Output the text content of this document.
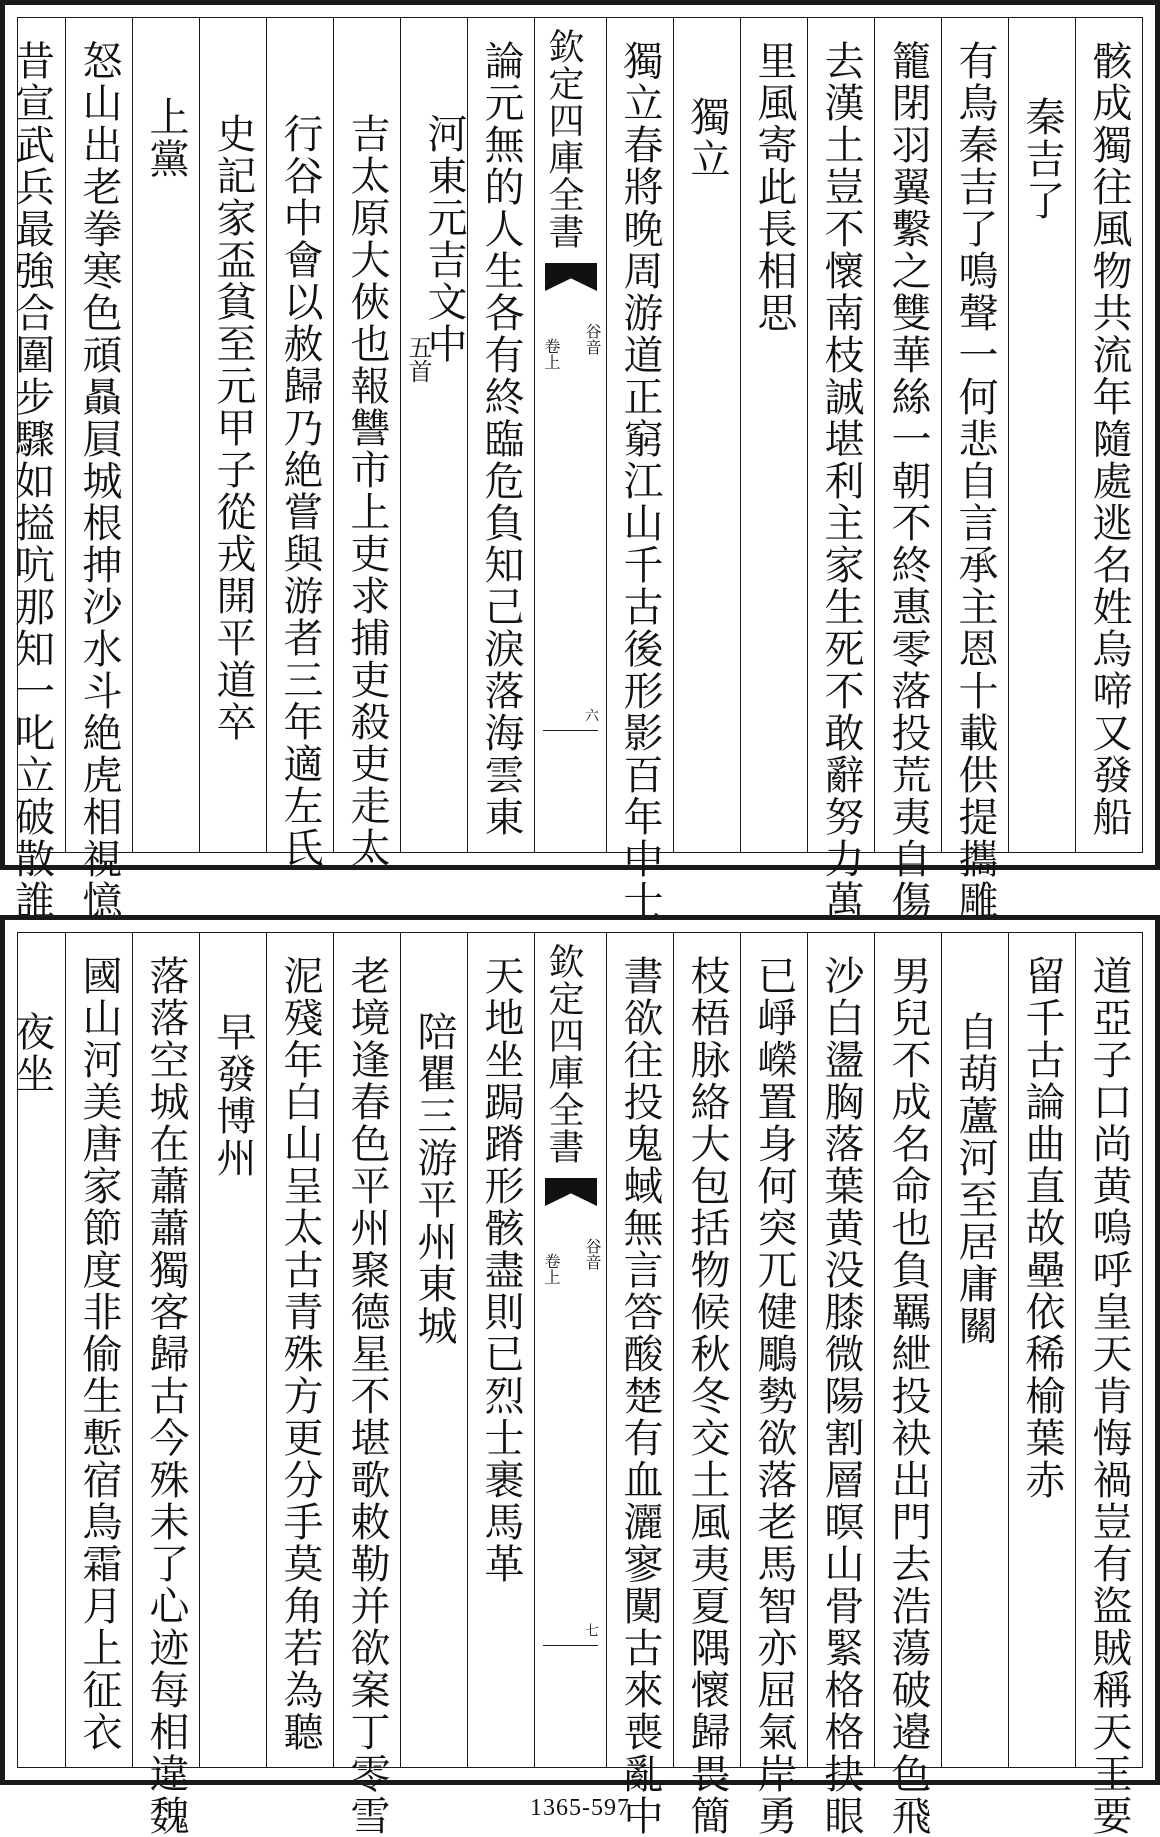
骸成獨往風物共流年隨處逃名姓烏啼又發船
秦吉了
有鳥秦吉了鳴聲一何悲自言承主恩十載供提攜雕
籠閉羽翼繫之雙華絲一朝不終惠零落投荒夷自傷
去漢土豈不懷南枝誠堪利主家生死不敢辭努力萬
里風寄此長相思
獨立
獨立春將晚周游道正窮江山千古後形影百年中士
欽定四庫全書
谷音
卷上
六
論元無的人生各有終臨危負知己淚落海雲東
河東元吉文中
五首
吉太原大俠也報讐市上吏求捕吏殺吏走太
行谷中會以赦歸乃絶嘗與游者三年適左氏
史記家盃貧至元甲子從戎開平道卒
上黨
怒山出老拳寒色頑贔屓城根抻沙水斗絶虎相視憶
昔宣武兵最強合圍步驟如搤吭那知一叱立破散誰
道亞子口尚黄嗚呼皇天肯悔禍豈有盜賊稱天王要
留千古論曲直故壘依稀榆葉赤
自葫蘆河至居庸關
男兒不成名命也負羈紲投袂出門去浩蕩破邉色飛
沙白盪胸落葉黄没膝微陽割層暝山骨緊格格抉眼
已崢嶸置身何突兀健鵰勢欲落老馬智亦屈氣岸勇
枝梧脉絡大包括物候秋冬交土風夷夏隅懷歸畏簡
書欲往投鬼蜮無言答酸楚有血灑寥闃古來喪亂中
欽定四庫全書
谷音
卷上
七
天地坐跼蹐形骸盡則已烈士裹馬革
陪瞿三游平州東城
老境逢春色平州聚德星不堪歌敕勒并欲案丁零雪
泥殘年白山呈太古青殊方更分手莫角若為聽
早發博州
落落空城在蕭蕭獨客歸古今殊未了心迹每相違魏
國山河美唐家節度非偷生慙宿鳥霜月上征衣
夜坐
1365-597
